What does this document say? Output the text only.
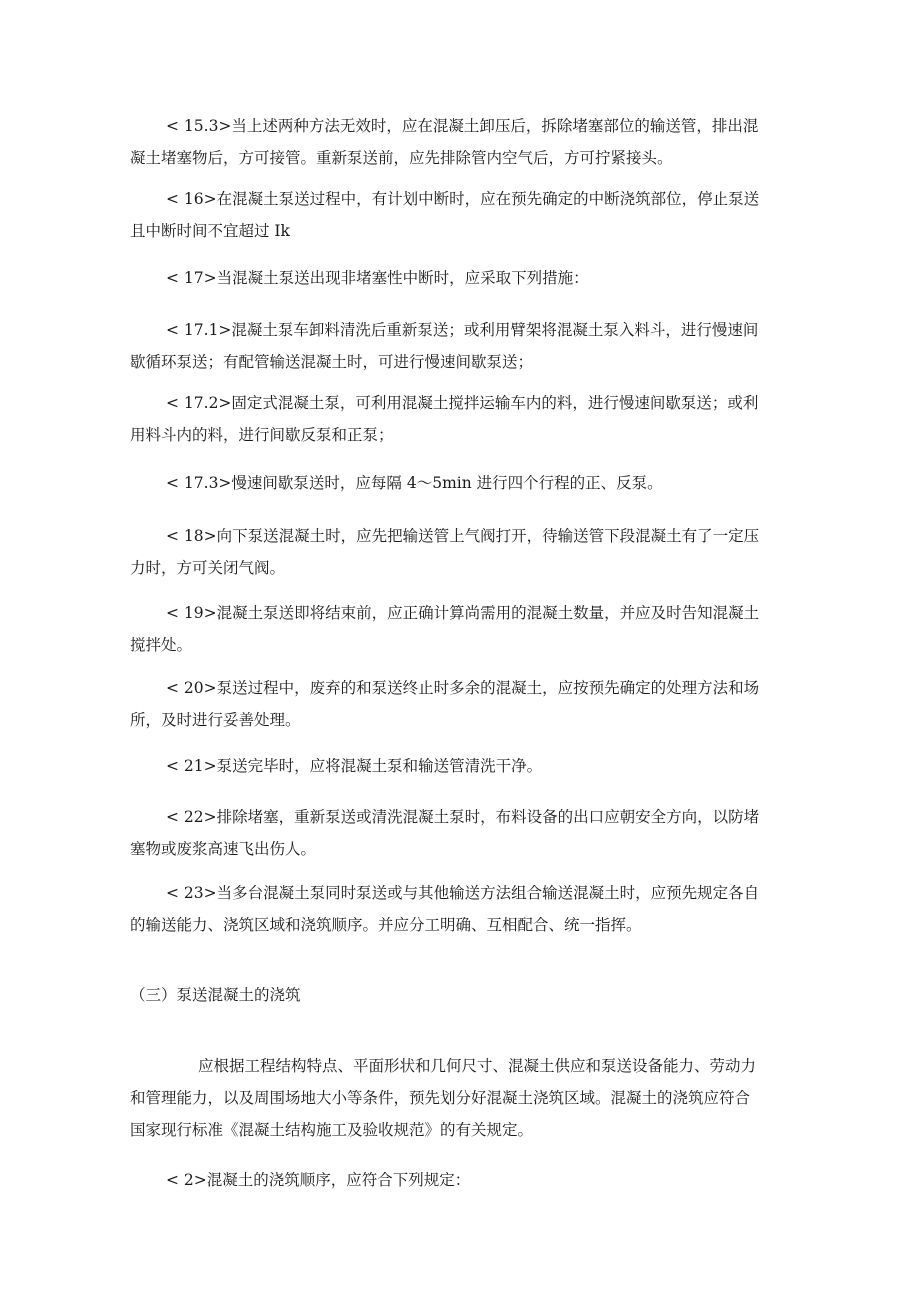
< 15.3>当上述两种方法无效时，应在混凝土卸压后，拆除堵塞部位的输送管，排出混
凝土堵塞物后，方可接管。重新泵送前，应先排除管内空气后，方可拧紧接头。

< 16>在混凝土泵送过程中，有计划中断时，应在预先确定的中断浇筑部位，停止泵送
且中断时间不宜超过 Ik

< 17>当混凝土泵送出现非堵塞性中断时，应采取下列措施：

< 17.1>混凝土泵车卸料清洗后重新泵送；或利用臂架将混凝土泵入料斗，进行慢速间
歇循环泵送；有配管输送混凝土时，可进行慢速间歇泵送；

< 17.2>固定式混凝土泵，可利用混凝土搅拌运输车内的料，进行慢速间歇泵送；或利
用料斗内的料，进行间歇反泵和正泵；

< 17.3>慢速间歇泵送时，应每隔 4～5min 进行四个行程的正、反泵。

< 18>向下泵送混凝土时，应先把输送管上气阀打开，待输送管下段混凝土有了一定压
力时，方可关闭气阀。

< 19>混凝土泵送即将结束前，应正确计算尚需用的混凝土数量，并应及时告知混凝土
搅拌处。

< 20>泵送过程中，废弃的和泵送终止时多余的混凝土，应按预先确定的处理方法和场
所，及时进行妥善处理。

< 21>泵送完毕时，应将混凝土泵和输送管清洗干净。

< 22>排除堵塞，重新泵送或清洗混凝土泵时，布料设备的出口应朝安全方向，以防堵
塞物或废浆高速飞出伤人。

< 23>当多台混凝土泵同时泵送或与其他输送方法组合输送混凝土时，应预先规定各自
的输送能力、浇筑区域和浇筑顺序。并应分工明确、互相配合、统一指挥。

（三）泵送混凝土的浇筑

应根据工程结构特点、平面形状和几何尺寸、混凝土供应和泵送设备能力、劳动力
和管理能力，以及周围场地大小等条件，预先划分好混凝土浇筑区域。混凝土的浇筑应符合
国家现行标准《混凝土结构施工及验收规范》的有关规定。

< 2>混凝土的浇筑顺序，应符合下列规定：
